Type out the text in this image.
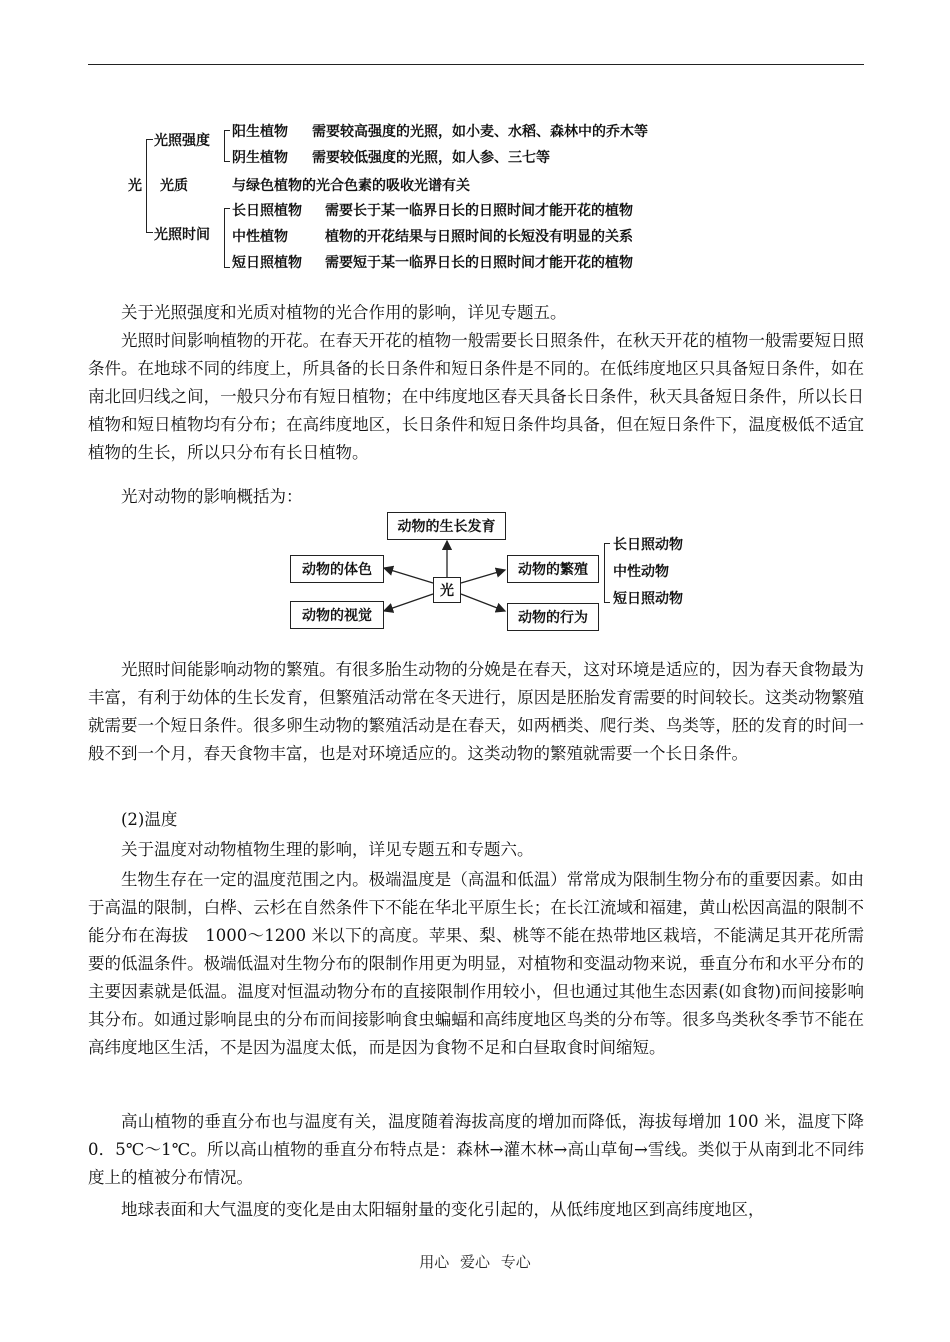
光
光照强度
阳生植物 需要较高强度的光照，如小麦、水稻、森林中的乔木等
阴生植物 需要较低强度的光照，如人参、三七等
光质	与绿色植物的光合色素的吸收光谱有关
光照时间
长日照植物 需要长于某一临界日长的日照时间才能开花的植物
中性植物	植物的开花结果与日照时间的长短没有明显的关系
短日照植物 需要短于某一临界日长的日照时间才能开花的植物

关于光照强度和光质对植物的光合作用的影响，详见专题五。

光照时间影响植物的开花。在春天开花的植物一般需要长日照条件，在秋天开花的植物一般需要短日照条件。在地球不同的纬度上，所具备的长日条件和短日条件是不同的。在低纬度地区只具备短日条件，如在南北回归线之间，一般只分布有短日植物；在中纬度地区春天具备长日条件，秋天具备短日条件，所以长日植物和短日植物均有分布；在高纬度地区，长日条件和短日条件均具备，但在短日条件下，温度极低不适宜植物的生长，所以只分布有长日植物。

光对动物的影响概括为：

动物的生长发育
光
动物的体色
动物的视觉
动物的繁殖
动物的行为
长日照动物
中性动物
短日照动物

光照时间能影响动物的繁殖。有很多胎生动物的分娩是在春天，这对环境是适应的，因为春天食物最为丰富，有利于幼体的生长发育，但繁殖活动常在冬天进行，原因是胚胎发育需要的时间较长。这类动物繁殖就需要一个短日条件。很多卵生动物的繁殖活动是在春天，如两栖类、爬行类、鸟类等，胚的发育的时间一般不到一个月，春天食物丰富，也是对环境适应的。这类动物的繁殖就需要一个长日条件。

(2)温度

关于温度对动物植物生理的影响，详见专题五和专题六。

生物生存在一定的温度范围之内。极端温度是（高温和低温）常常成为限制生物分布的重要因素。如由于高温的限制，白桦、云杉在自然条件下不能在华北平原生长；在长江流域和福建，黄山松因高温的限制不能分布在海拔　1000～1200 米以下的高度。苹果、梨、桃等不能在热带地区栽培，不能满足其开花所需要的低温条件。极端低温对生物分布的限制作用更为明显，对植物和变温动物来说，垂直分布和水平分布的主要因素就是低温。温度对恒温动物分布的直接限制作用较小，但也通过其他生态因素(如食物)而间接影响其分布。如通过影响昆虫的分布而间接影响食虫蝙蝠和高纬度地区鸟类的分布等。很多鸟类秋冬季节不能在高纬度地区生活，不是因为温度太低，而是因为食物不足和白昼取食时间缩短。

高山植物的垂直分布也与温度有关，温度随着海拔高度的增加而降低，海拔每增加 100 米，温度下降 0．5℃～1℃。所以高山植物的垂直分布特点是：森林→灌木林→高山草甸→雪线。类似于从南到北不同纬度上的植被分布情况。

地球表面和大气温度的变化是由太阳辐射量的变化引起的，从低纬度地区到高纬度地区，

用心 爱心 专心
